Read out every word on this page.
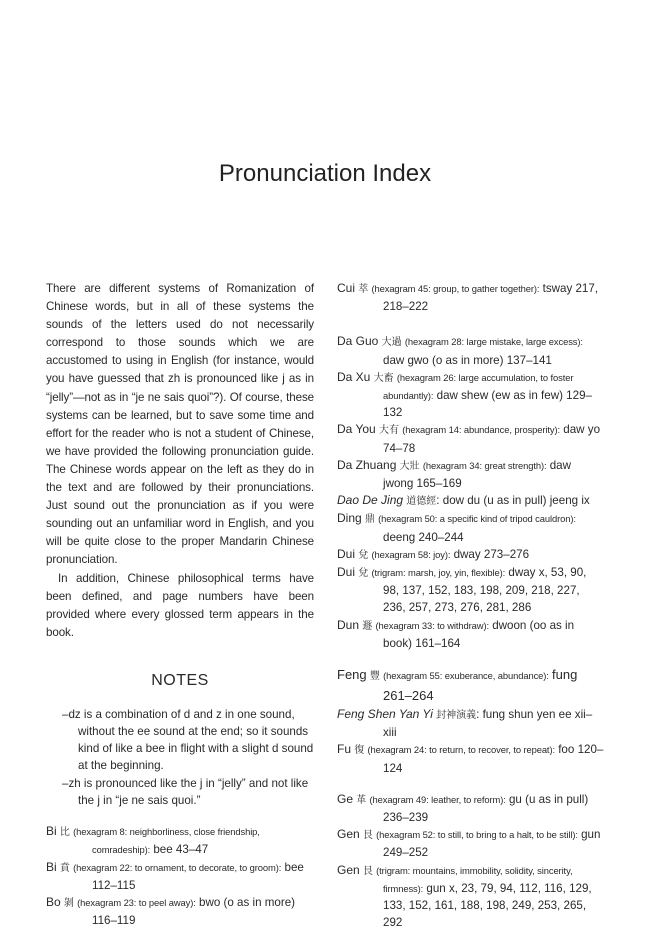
Pronunciation Index

There are different systems of Romanization of Chinese words, but in all of these systems the sounds of the letters used do not necessarily correspond to those sounds which we are accustomed to using in English (for instance, would you have guessed that zh is pronounced like j as in “jelly”—not as in “je ne sais quoi”?). Of course, these systems can be learned, but to save some time and effort for the reader who is not a student of Chinese, we have provided the following pronunciation guide. The Chinese words appear on the left as they do in the text and are followed by their pronunciations. Just sound out the pronunciation as if you were sounding out an unfamiliar word in English, and you will be quite close to the proper Mandarin Chinese pronunciation.

In addition, Chinese philosophical terms have been defined, and page numbers have been provided where every glossed term appears in the book.

NOTES

–dz is a combination of d and z in one sound, without the ee sound at the end; so it sounds kind of like a bee in flight with a slight d sound at the beginning.

–zh is pronounced like the j in “jelly” and not like the j in “je ne sais quoi.”

Bi 比 (hexagram 8: neighborliness, close friendship, comradeship): bee 43–47

Bi 賁 (hexagram 22: to ornament, to decorate, to groom): bee 112–115

Bo 剝 (hexagram 23: to peel away): bwo (o as in more) 116–119

Cui 萃 (hexagram 45: group, to gather together): tsway 217, 218–222

Da Guo 大過 (hexagram 28: large mistake, large excess): daw gwo (o as in more) 137–141

Da Xu 大畜 (hexagram 26: large accumulation, to foster abundantly): daw shew (ew as in few) 129–132

Da You 大有 (hexagram 14: abundance, prosperity): daw yo 74–78

Da Zhuang 大壯 (hexagram 34: great strength): daw jwong 165–169

Dao De Jing 道德經: dow du (u as in pull) jeeng ix

Ding 鼎 (hexagram 50: a specific kind of tripod cauldron): deeng 240–244

Dui 兌 (hexagram 58: joy): dway 273–276

Dui 兌 (trigram: marsh, joy, yin, flexible): dway x, 53, 90, 98, 137, 152, 183, 198, 209, 218, 227, 236, 257, 273, 276, 281, 286

Dun 遯 (hexagram 33: to withdraw): dwoon (oo as in book) 161–164

Feng 豐 (hexagram 55: exuberance, abundance): fung 261–264

Feng Shen Yan Yi 封神演義: fung shun yen ee xii–xiii

Fu 復 (hexagram 24: to return, to recover, to repeat): foo 120–124

Ge 革 (hexagram 49: leather, to reform): gu (u as in pull) 236–239

Gen 艮 (hexagram 52: to still, to bring to a halt, to be still): gun 249–252

Gen 艮 (trigram: mountains, immobility, solidity, sincerity, firmness): gun x, 23, 79, 94, 112, 116, 129, 133, 152, 161, 188, 198, 249, 253, 265, 292
